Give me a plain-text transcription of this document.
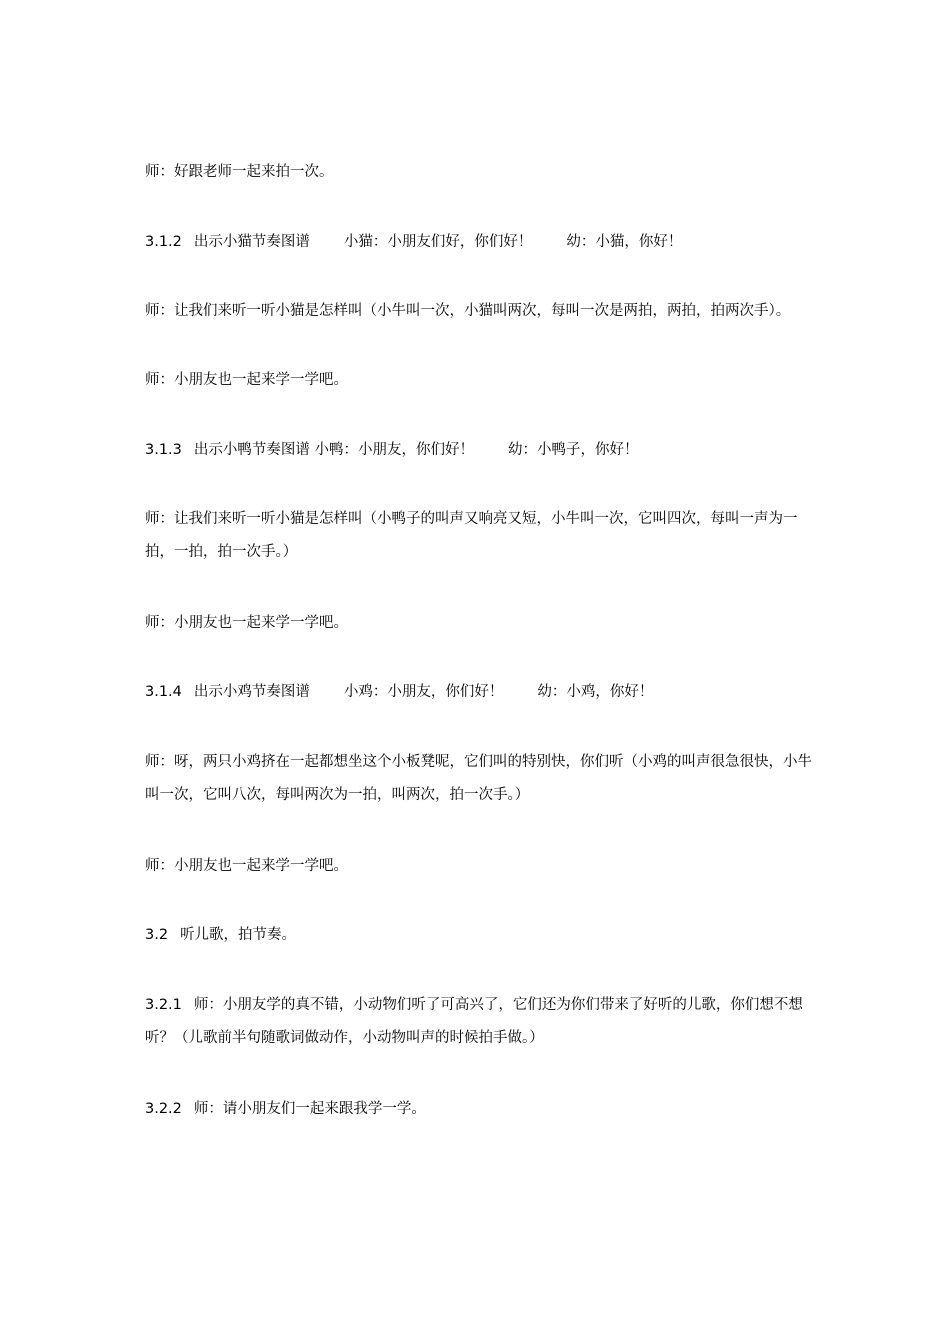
师：好跟老师一起来拍一次。
3.1.2 出示小猫节奏图谱 小猫：小朋友们好，你们好！ 幼：小猫，你好！
师：让我们来听一听小猫是怎样叫（小牛叫一次，小猫叫两次，每叫一次是两拍，两拍，拍两次手）。
师：小朋友也一起来学一学吧。
3.1.3 出示小鸭节奏图谱 小鸭：小朋友，你们好！ 幼：小鸭子，你好！
师：让我们来听一听小猫是怎样叫（小鸭子的叫声又响亮又短，小牛叫一次，它叫四次，每叫一声为一拍，一拍，拍一次手。）
师：小朋友也一起来学一学吧。
3.1.4 出示小鸡节奏图谱 小鸡：小朋友，你们好！ 幼：小鸡，你好！
师：呀，两只小鸡挤在一起都想坐这个小板凳呢，它们叫的特别快，你们听（小鸡的叫声很急很快，小牛叫一次，它叫八次，每叫两次为一拍，叫两次，拍一次手。）
师：小朋友也一起来学一学吧。
3.2 听儿歌，拍节奏。
3.2.1 师：小朋友学的真不错，小动物们听了可高兴了，它们还为你们带来了好听的儿歌，你们想不想听？（儿歌前半句随歌词做动作，小动物叫声的时候拍手做。）
3.2.2 师：请小朋友们一起来跟我学一学。
